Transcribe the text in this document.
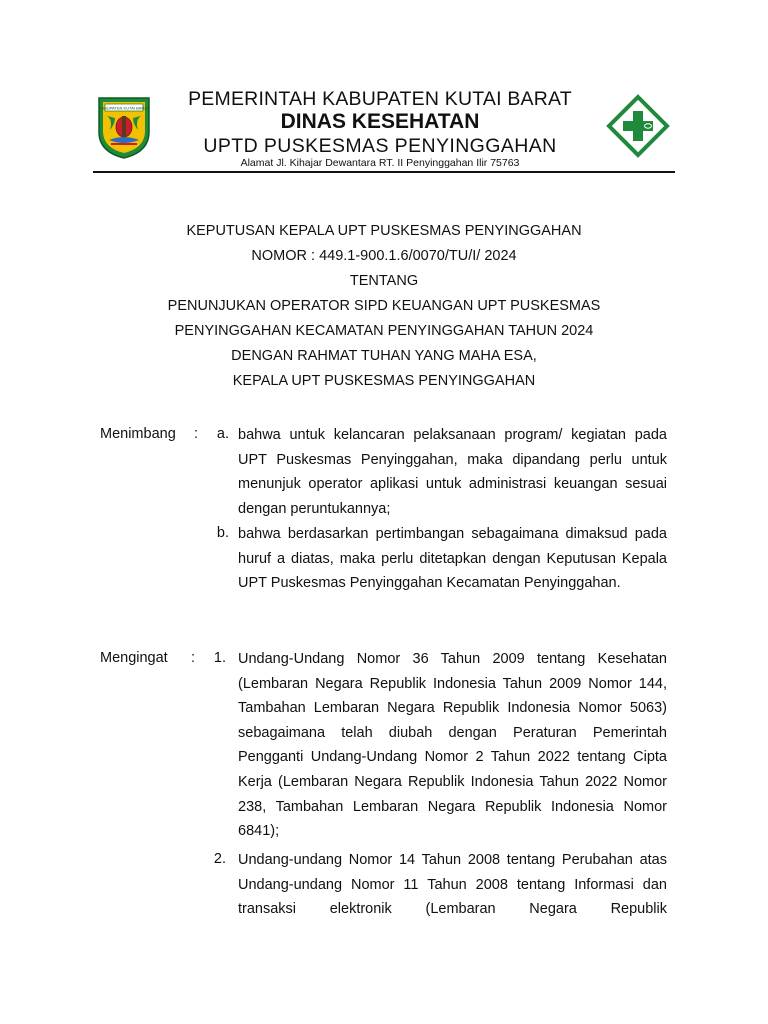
KABUPATEN KUTAI BARAT	PEMERINTAH KABUPATEN KUTAI BARAT
DINAS KESEHATAN
UPTD PUSKESMAS PENYINGGAHAN
Alamat Jl. Kihajar Dewantara RT. II Penyinggahan Ilir 75763
KEPUTUSAN KEPALA UPT PUSKESMAS PENYINGGAHAN
NOMOR : 449.1-900.1.6/0070/TU/I/ 2024
TENTANG
PENUNJUKAN OPERATOR SIPD KEUANGAN UPT PUSKESMAS
PENYINGGAHAN KECAMATAN PENYINGGAHAN TAHUN 2024
DENGAN RAHMAT TUHAN YANG MAHA ESA,
KEPALA UPT PUSKESMAS PENYINGGAHAN
Menimbang :	a. bahwa untuk kelancaran pelaksanaan program/ kegiatan pada UPT Puskesmas Penyinggahan, maka dipandang perlu untuk menunjuk operator aplikasi untuk administrasi keuangan sesuai dengan peruntukannya;
b. bahwa berdasarkan pertimbangan sebagaimana dimaksud pada huruf a diatas, maka perlu ditetapkan dengan Keputusan Kepala UPT Puskesmas Penyinggahan Kecamatan Penyinggahan.
Mengingat :	1. Undang-Undang Nomor 36 Tahun 2009 tentang Kesehatan (Lembaran Negara Republik Indonesia Tahun 2009 Nomor 144, Tambahan Lembaran Negara Republik Indonesia Nomor 5063) sebagaimana telah diubah dengan Peraturan Pemerintah Pengganti Undang-Undang Nomor 2 Tahun 2022 tentang Cipta Kerja (Lembaran Negara Republik Indonesia Tahun 2022 Nomor 238, Tambahan Lembaran Negara Republik Indonesia Nomor 6841);
2. Undang-undang Nomor 14 Tahun 2008 tentang Perubahan atas Undang-undang Nomor 11 Tahun 2008 tentang Informasi dan transaksi elektronik (Lembaran Negara Republik
